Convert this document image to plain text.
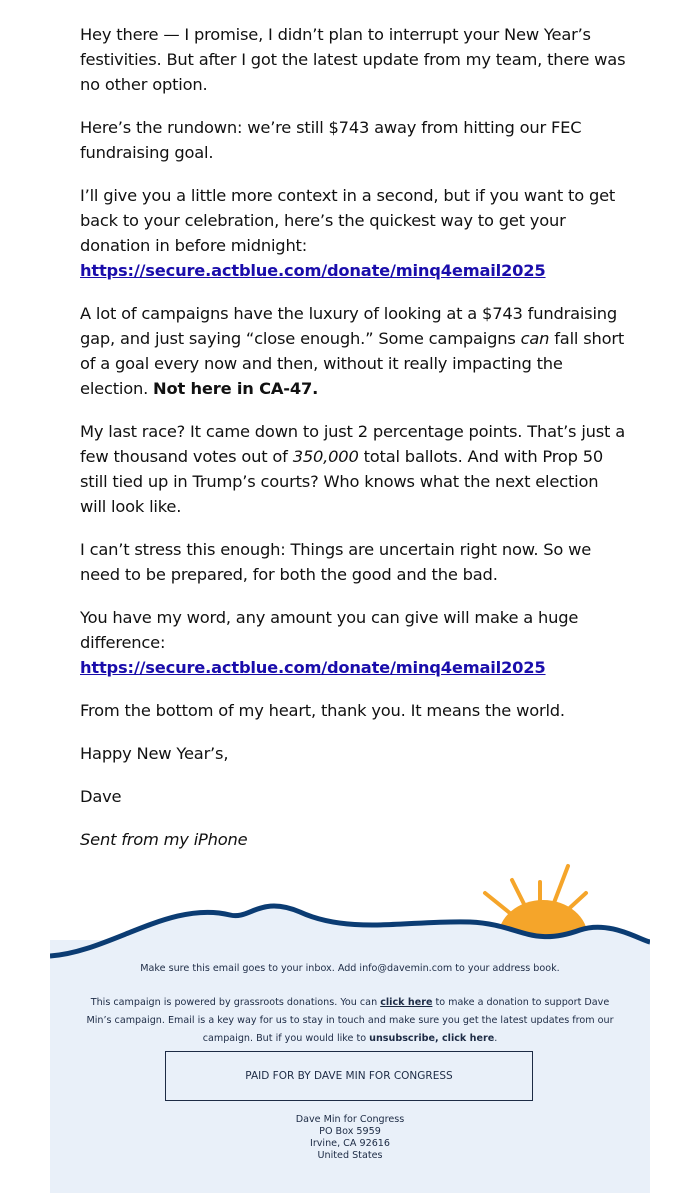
Hey there — I promise, I didn’t plan to interrupt your New Year’s festivities. But after I got the latest update from my team, there was no other option.

Here’s the rundown: we’re still $743 away from hitting our FEC fundraising goal.

I’ll give you a little more context in a second, but if you want to get back to your celebration, here’s the quickest way to get your donation in before midnight:
https://secure.actblue.com/donate/minq4email2025

A lot of campaigns have the luxury of looking at a $743 fundraising gap, and just saying “close enough.” Some campaigns can fall short of a goal every now and then, without it really impacting the election. Not here in CA-47.

My last race? It came down to just 2 percentage points. That’s just a few thousand votes out of 350,000 total ballots. And with Prop 50 still tied up in Trump’s courts? Who knows what the next election will look like.

I can’t stress this enough: Things are uncertain right now. So we need to be prepared, for both the good and the bad.

You have my word, any amount you can give will make a huge difference: https://secure.actblue.com/donate/minq4email2025

From the bottom of my heart, thank you. It means the world.

Happy New Year’s,

Dave

Sent from my iPhone

Make sure this email goes to your inbox. Add info@davemin.com to your address book.

This campaign is powered by grassroots donations. You can click here to make a donation to support Dave Min’s campaign. Email is a key way for us to stay in touch and make sure you get the latest updates from our campaign. But if you would like to unsubscribe, click here.

PAID FOR BY DAVE MIN FOR CONGRESS
Dave Min for Congress
PO Box 5959
Irvine, CA 92616
United States
